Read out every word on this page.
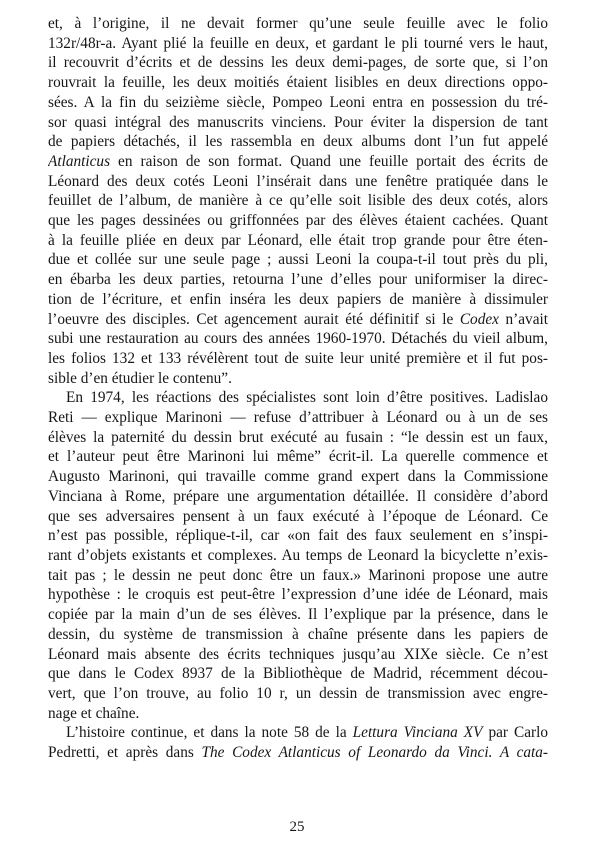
et, à l’origine, il ne devait former qu’une seule feuille avec le folio
132r/48r-a. Ayant plié la feuille en deux, et gardant le pli tourné vers le haut,
il recouvrit d’écrits et de dessins les deux demi-pages, de sorte que, si l’on
rouvrait la feuille, les deux moitiés étaient lisibles en deux directions oppo-
sées. A la fin du seizième siècle, Pompeo Leoni entra en possession du tré-
sor quasi intégral des manuscrits vinciens. Pour éviter la dispersion de tant
de papiers détachés, il les rassembla en deux albums dont l’un fut appelé
Atlanticus en raison de son format. Quand une feuille portait des écrits de
Léonard des deux cotés Leoni l’insérait dans une fenêtre pratiquée dans le
feuillet de l’album, de manière à ce qu’elle soit lisible des deux cotés, alors
que les pages dessinées ou griffonnées par des élèves étaient cachées. Quant
à la feuille pliée en deux par Léonard, elle était trop grande pour être éten-
due et collée sur une seule page ; aussi Leoni la coupa-t-il tout près du pli,
en ébarba les deux parties, retourna l’une d’elles pour uniformiser la direc-
tion de l’écriture, et enfin inséra les deux papiers de manière à dissimuler
l’oeuvre des disciples. Cet agencement aurait été définitif si le Codex n’avait
subi une restauration au cours des années 1960-1970. Détachés du vieil album,
les folios 132 et 133 révélèrent tout de suite leur unité première et il fut pos-
sible d’en étudier le contenu”.
En 1974, les réactions des spécialistes sont loin d’être positives. Ladislao
Reti — explique Marinoni — refuse d’attribuer à Léonard ou à un de ses
élèves la paternité du dessin brut exécuté au fusain : “le dessin est un faux,
et l’auteur peut être Marinoni lui même” écrit-il. La querelle commence et
Augusto Marinoni, qui travaille comme grand expert dans la Commissione
Vinciana à Rome, prépare une argumentation détaillée. Il considère d’abord
que ses adversaires pensent à un faux exécuté à l’époque de Léonard. Ce
n’est pas possible, réplique-t-il, car «on fait des faux seulement en s’inspi-
rant d’objets existants et complexes. Au temps de Leonard la bicyclette n’exis-
tait pas ; le dessin ne peut donc être un faux.» Marinoni propose une autre
hypothèse : le croquis est peut-être l’expression d’une idée de Léonard, mais
copiée par la main d’un de ses élèves. Il l’explique par la présence, dans le
dessin, du système de transmission à chaîne présente dans les papiers de
Léonard mais absente des écrits techniques jusqu’au XIXe siècle. Ce n’est
que dans le Codex 8937 de la Bibliothèque de Madrid, récemment décou-
vert, que l’on trouve, au folio 10 r, un dessin de transmission avec engre-
nage et chaîne.
L’histoire continue, et dans la note 58 de la Lettura Vinciana XV par Carlo
Pedretti, et après dans The Codex Atlanticus of Leonardo da Vinci. A cata-
25
